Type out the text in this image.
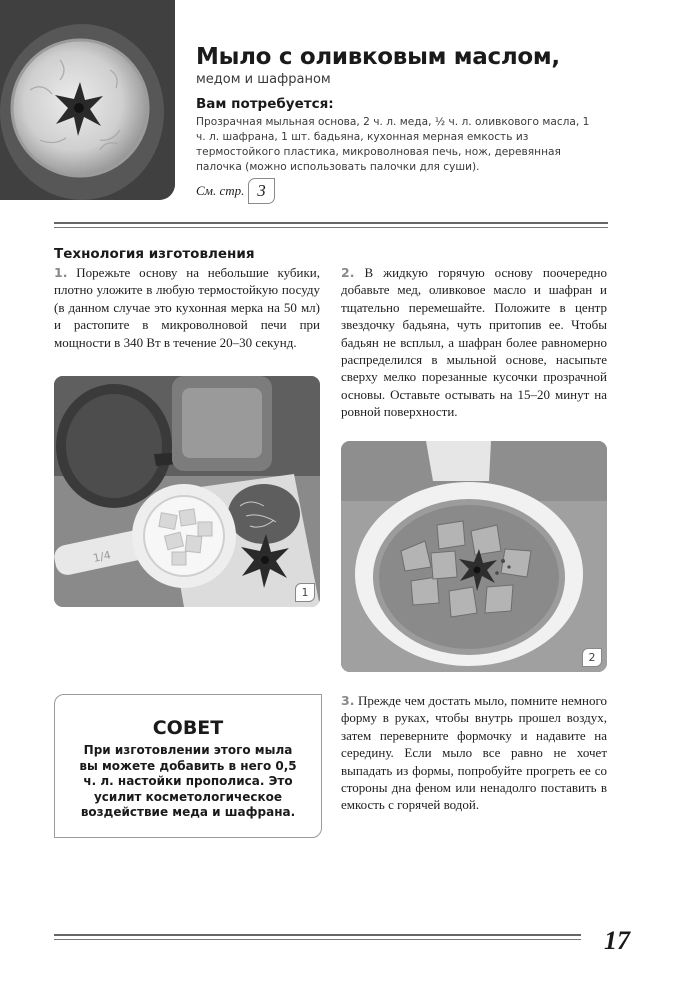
Мыло с оливковым маслом,
медом и шафраном
Вам потребуется:
Прозрачная мыльная основа, 2 ч. л. меда, ½ ч. л. оливкового масла, 1 ч. л. шафрана, 1 шт. бадьяна, кухонная мерная емкость из термостойкого пластика, микроволновая печь, нож, деревянная палочка (можно использовать палочки для суши).
См. стр. 3
Технология изготовления

1. Порежьте основу на небольшие кубики, плотно уложите в любую термостойкую посуду (в данном случае это кухонная мерка на 50 мл) и растопите в микроволновой печи при мощности в 340 Вт в течение 20–30 секунд.

2. В жидкую горячую основу поочередно добавьте мед, оливковое масло и шафран и тщательно перемешайте. Положите в центр звездочку бадьяна, чуть притопив ее. Чтобы бадьян не всплыл, а шафран более равномерно распределился в мыльной основе, насыпьте сверху мелко порезанные кусочки прозрачной основы. Оставьте остывать на 15–20 минут на ровной поверхности.

1/4
1
2

3. Прежде чем достать мыло, помните немного форму в руках, чтобы внутрь прошел воздух, затем переверните формочку и надавите на середину. Если мыло все равно не хочет выпадать из формы, попробуйте прогреть ее со стороны дна феном или ненадолго поставить в емкость с горячей водой.

СОВЕТ
При изготовлении этого мыла вы можете добавить в него 0,5 ч. л. настойки прополиса. Это усилит косметологическое воздействие меда и шафрана.
17
